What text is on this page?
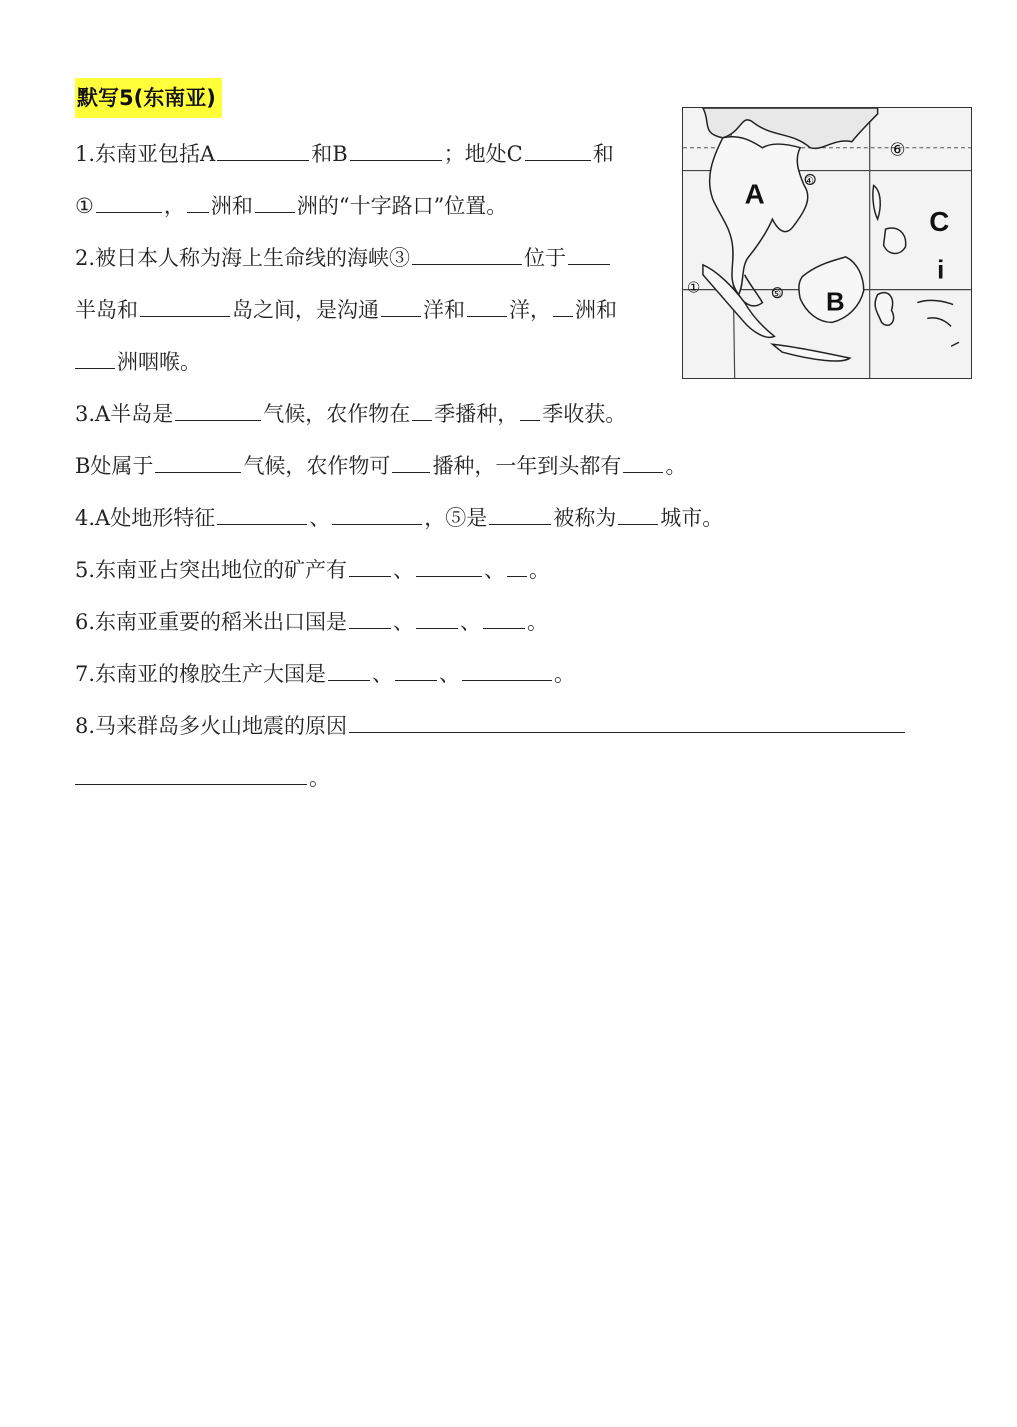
默写5(东南亚)
A
B
C
i
①
④
⑤
⑥
1.东南亚包括A	和B	；地处C	和
①	， 洲和 洲的“十字路口”位置。
2.被日本人称为海上生命线的海峡③	位于
半岛和	岛之间，是沟通 洋和 洋， 洲和
洲咽喉。
3.A半岛是	气候，农作物在 季播种， 季收获。
B处属于	气候，农作物可 播种，一年到头都有 。
4.A处地形特征	、	，⑤是	被称为 城市。
5.东南亚占突出地位的矿产有 、	、 。
6.东南亚重要的稻米出口国是 、 、 。
7.东南亚的橡胶生产大国是 、 、	。
8.马来群岛多火山地震的原因
。
